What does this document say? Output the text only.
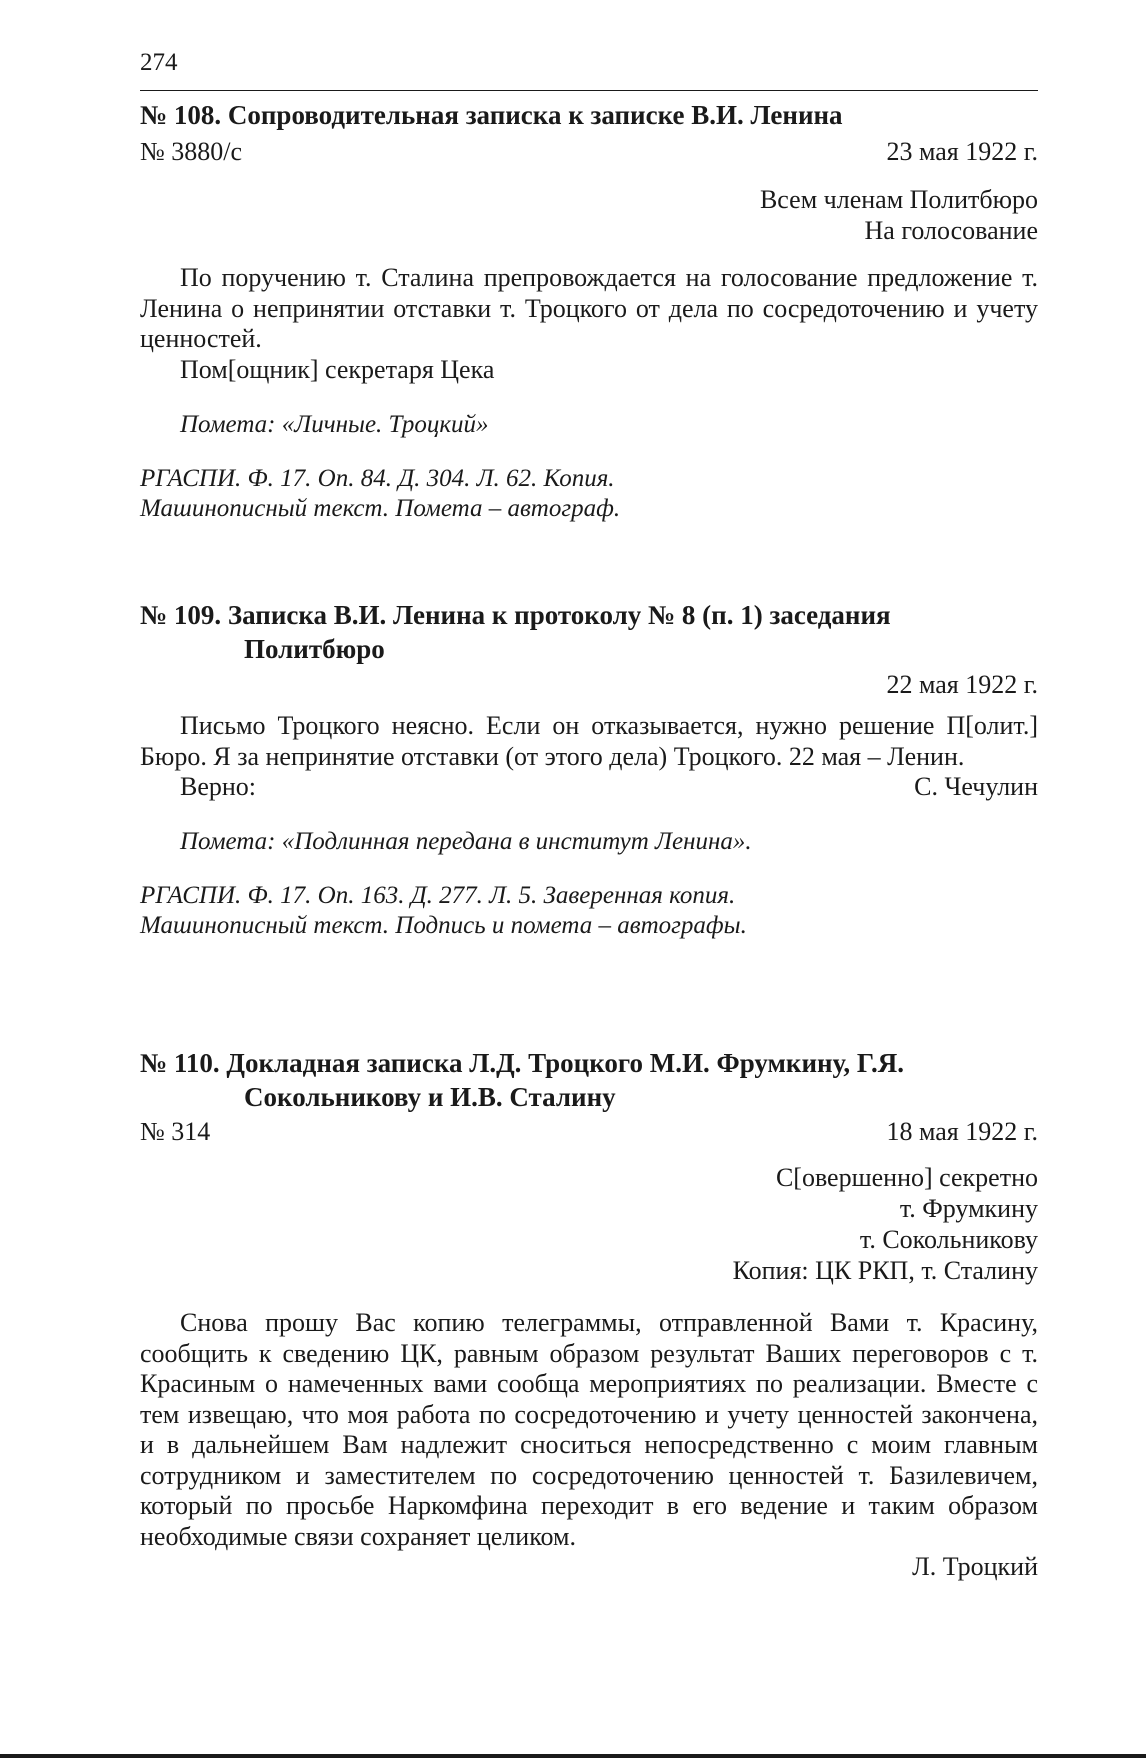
274
№ 108. Сопроводительная записка к записке В.И. Ленина
№ 3880/с	23 мая 1922 г.
Всем членам Политбюро
На голосование

По поручению т. Сталина препровождается на голосование предложение т. Ленина о непринятии отставки т. Троцкого от дела по сосредоточению и учету ценностей.

Пом[ощник] секретаря Цека
Помета: «Личные. Троцкий»
РГАСПИ. Ф. 17. Оп. 84. Д. 304. Л. 62. Копия.
Машинописный текст. Помета – автограф.
№ 109. Записка В.И. Ленина к протоколу № 8 (п. 1) заседания Политбюро
22 мая 1922 г.

Письмо Троцкого неясно. Если он отказывается, нужно решение П[олит.] Бюро. Я за непринятие отставки (от этого дела) Троцкого. 22 мая – Ленин.

Верно:	С. Чечулин
Помета: «Подлинная передана в институт Ленина».
РГАСПИ. Ф. 17. Оп. 163. Д. 277. Л. 5. Заверенная копия.
Машинописный текст. Подпись и помета – автографы.
№ 110. Докладная записка Л.Д. Троцкого М.И. Фрумкину, Г.Я. Сокольникову и И.В. Сталину
№ 314	18 мая 1922 г.
С[овершенно] секретно
т. Фрумкину
т. Сокольникову
Копия: ЦК РКП, т. Сталину

Снова прошу Вас копию телеграммы, отправленной Вами т. Красину, сообщить к сведению ЦК, равным образом результат Ваших переговоров с т. Красиным о намеченных вами сообща мероприятиях по реализации. Вместе с тем извещаю, что моя работа по сосредоточению и учету ценностей закончена, и в дальнейшем Вам надлежит сноситься непосредственно с моим главным сотрудником и заместителем по сосредоточению ценностей т. Базилевичем, который по просьбе Наркомфина переходит в его ведение и таким образом необходимые связи сохраняет целиком.

Л. Троцкий
